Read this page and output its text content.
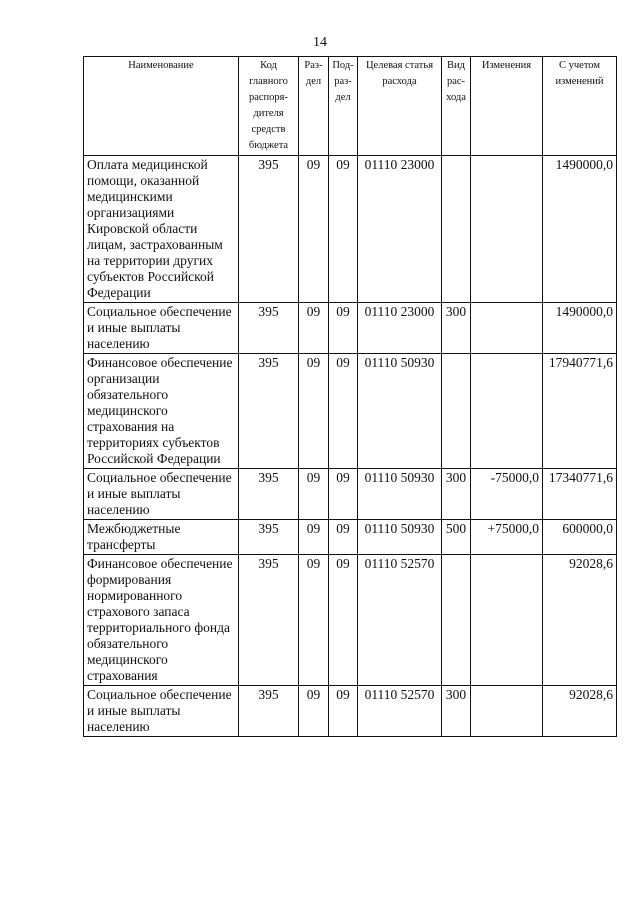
14
Наименование	Код главного распоря-дителя средств бюджета	Раз-дел	Под-раз-дел	Целевая статья расхода	Вид рас-хода	Изменения	С учетом изменений
Оплата медицинской помощи, оказанной медицинскими организациями Кировской области лицам, застрахованным на территории других субъектов Российской Федерации	395	09	09	01110 23000			1490000,0
Социальное обеспечение и иные выплаты населению	395	09	09	01110 23000	300		1490000,0
Финансовое обеспечение организации обязательного медицинского страхования на территориях субъектов Российской Федерации	395	09	09	01110 50930			17940771,6
Социальное обеспечение и иные выплаты населению	395	09	09	01110 50930	300	-75000,0	17340771,6
Межбюджетные трансферты	395	09	09	01110 50930	500	+75000,0	600000,0
Финансовое обеспечение формирования нормированного страхового запаса территориального фонда обязательного медицинского страхования	395	09	09	01110 52570			92028,6
Социальное обеспечение и иные выплаты населению	395	09	09	01110 52570	300		92028,6
